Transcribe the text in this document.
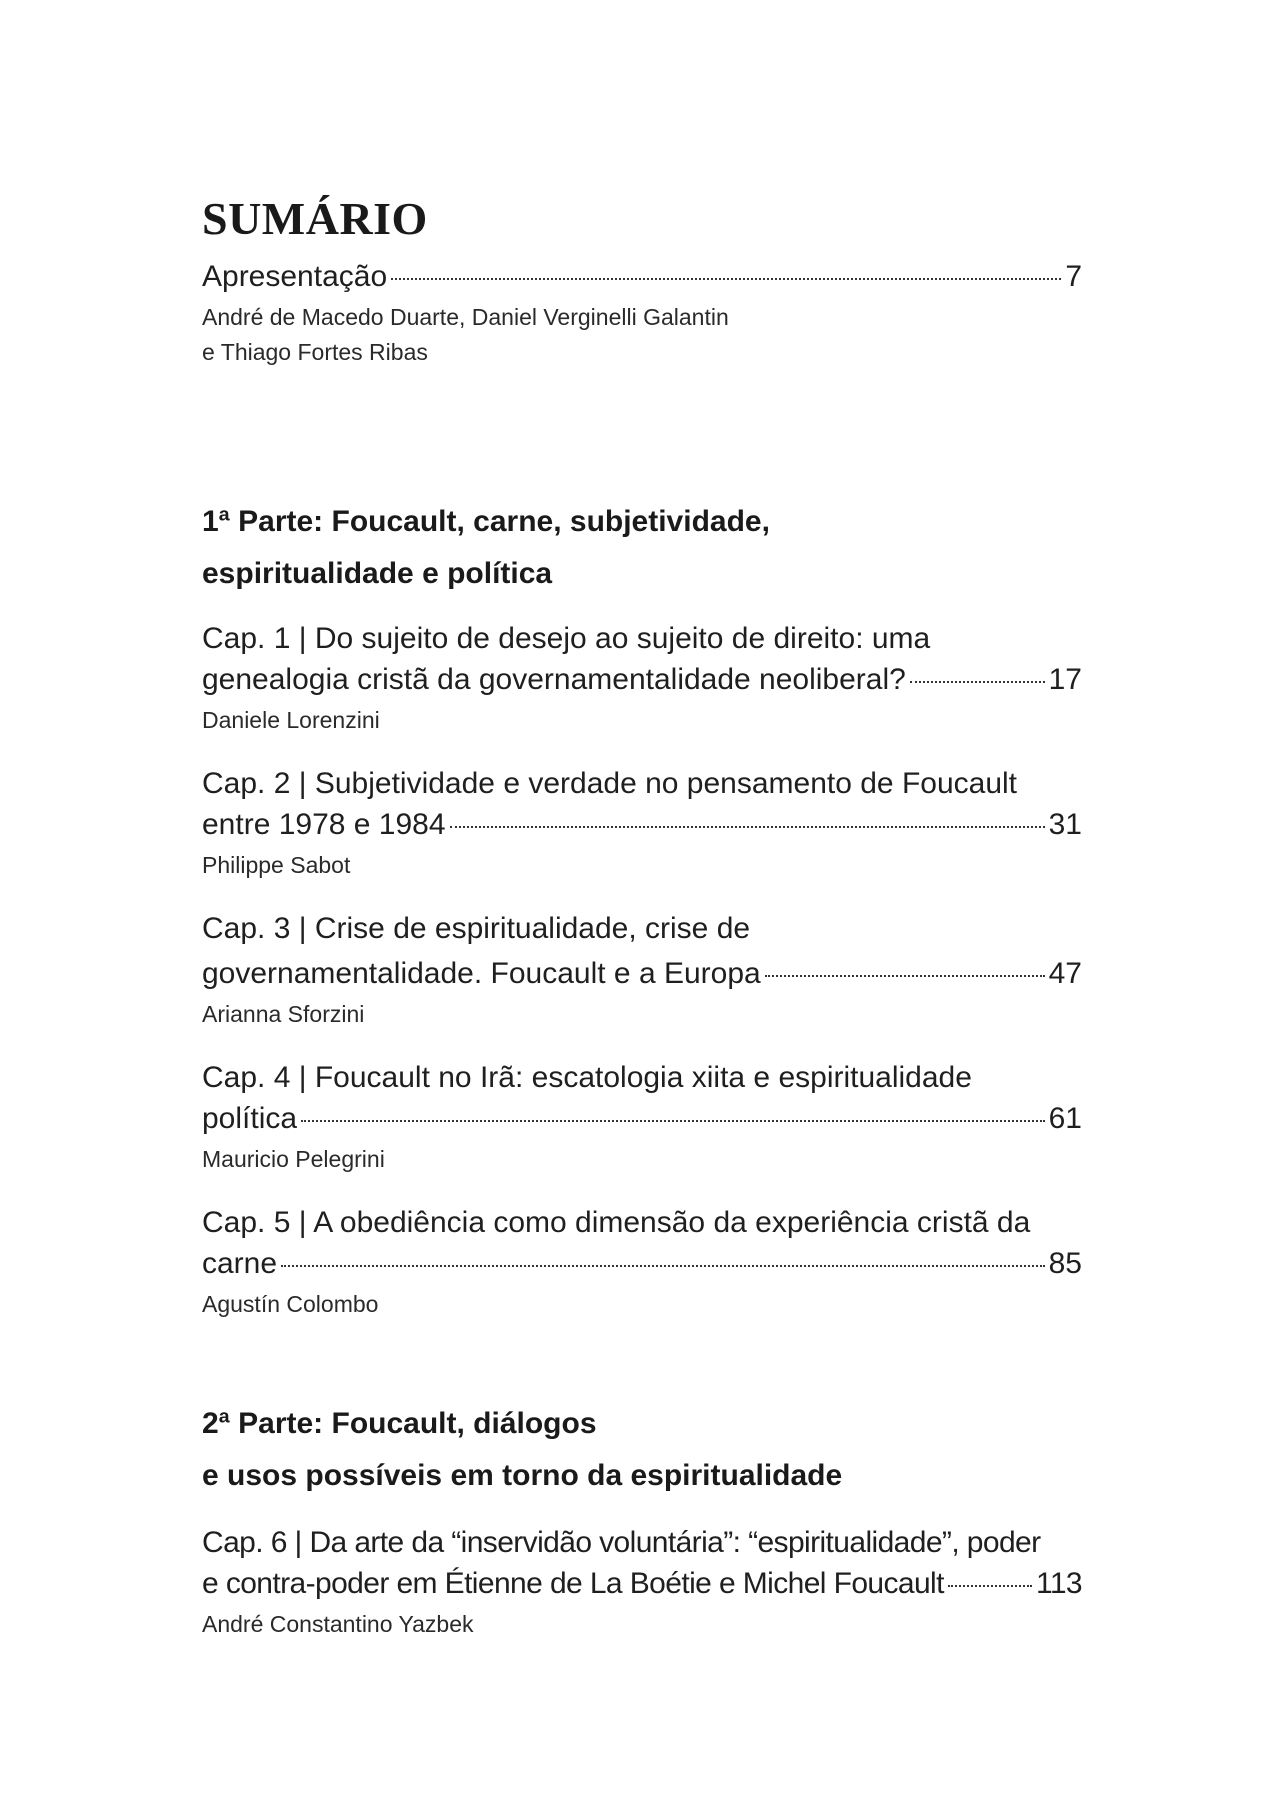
SUMÁRIO
Apresentação	7
André de Macedo Duarte, Daniel Verginelli Galantin
e Thiago Fortes Ribas
1ª Parte: Foucault, carne, subjetividade,
espiritualidade e política
Cap. 1 | Do sujeito de desejo ao sujeito de direito: uma
genealogia cristã da governamentalidade neoliberal?	17
Daniele Lorenzini
Cap. 2 | Subjetividade e verdade no pensamento de Foucault
entre 1978 e 1984	31
Philippe Sabot
Cap. 3 | Crise de espiritualidade, crise de
governamentalidade. Foucault e a Europa	47
Arianna Sforzini
Cap. 4 | Foucault no Irã: escatologia xiita e espiritualidade
política	61
Mauricio Pelegrini
Cap. 5 | A obediência como dimensão da experiência cristã da
carne	85
Agustín Colombo
2ª Parte: Foucault, diálogos
e usos possíveis em torno da espiritualidade
Cap. 6 | Da arte da “inservidão voluntária”: “espiritualidade”, poder
e contra-poder em Étienne de La Boétie e Michel Foucault	113
André Constantino Yazbek
